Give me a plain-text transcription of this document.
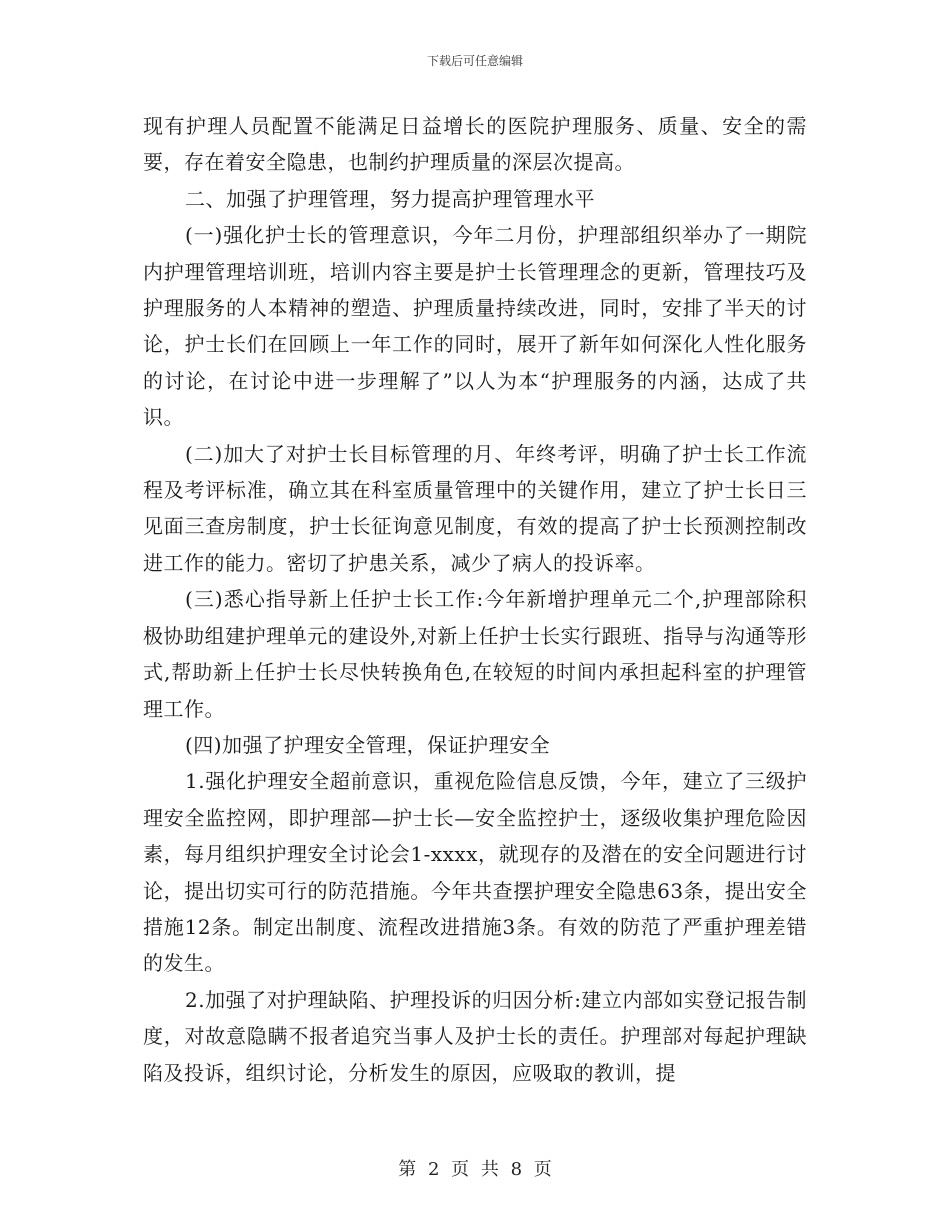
下载后可任意编辑

现有护理人员配置不能满足日益增长的医院护理服务、质量、安全的需要，存在着安全隐患，也制约护理质量的深层次提高。

二、加强了护理管理，努力提高护理管理水平

(一)强化护士长的管理意识，今年二月份，护理部组织举办了一期院内护理管理培训班，培训内容主要是护士长管理理念的更新，管理技巧及护理服务的人本精神的塑造、护理质量持续改进，同时，安排了半天的讨论，护士长们在回顾上一年工作的同时，展开了新年如何深化人性化服务的讨论，在讨论中进一步理解了”以人为本“护理服务的内涵，达成了共识。

(二)加大了对护士长目标管理的月、年终考评，明确了护士长工作流程及考评标准，确立其在科室质量管理中的关键作用，建立了护士长日三见面三查房制度，护士长征询意见制度，有效的提高了护士长预测控制改进工作的能力。密切了护患关系，减少了病人的投诉率。

(三)悉心指导新上任护士长工作:今年新增护理单元二个,护理部除积极协助组建护理单元的建设外,对新上任护士长实行跟班、指导与沟通等形式,帮助新上任护士长尽快转换角色,在较短的时间内承担起科室的护理管理工作。

(四)加强了护理安全管理，保证护理安全

1.强化护理安全超前意识，重视危险信息反馈，今年，建立了三级护理安全监控网，即护理部—护士长—安全监控护士，逐级收集护理危险因素，每月组织护理安全讨论会1-xxxx，就现存的及潜在的安全问题进行讨论，提出切实可行的防范措施。今年共查摆护理安全隐患63条，提出安全措施12条。制定出制度、流程改进措施3条。有效的防范了严重护理差错的发生。

2.加强了对护理缺陷、护理投诉的归因分析:建立内部如实登记报告制度，对故意隐瞒不报者追究当事人及护士长的责任。护理部对每起护理缺陷及投诉，组织讨论，分析发生的原因，应吸取的教训，提

第 2 页 共 8 页
